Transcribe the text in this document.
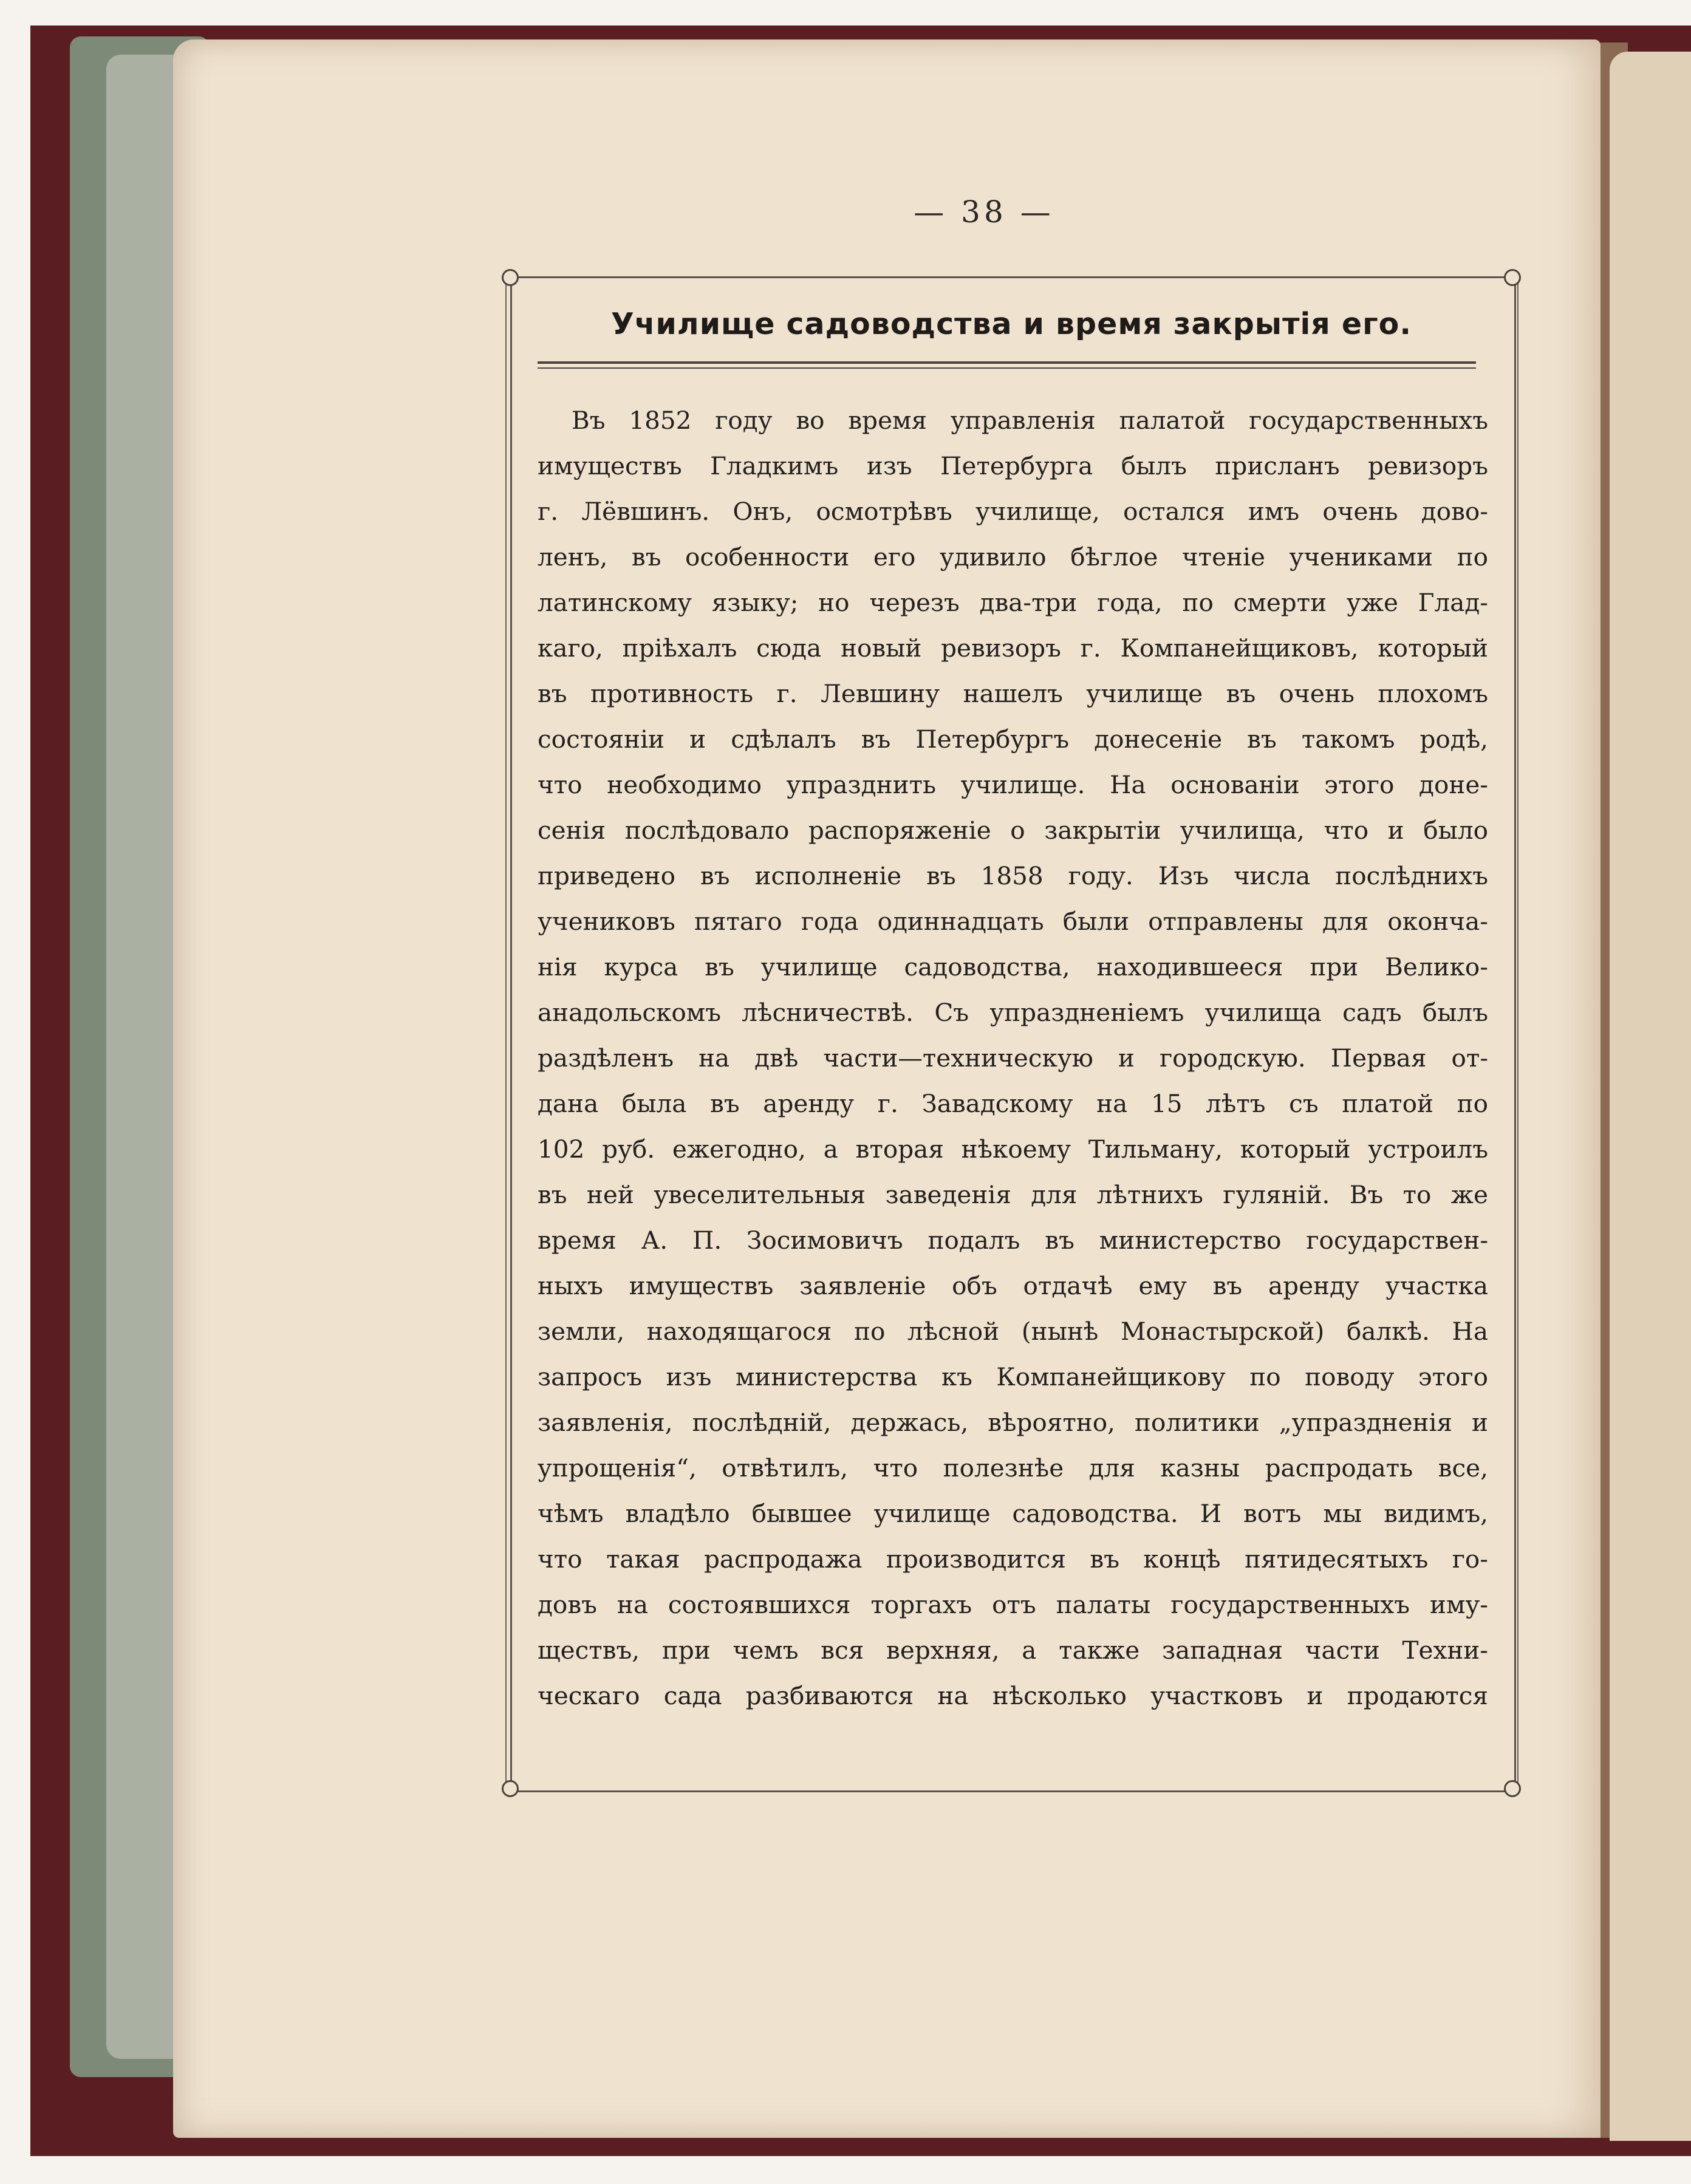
— 38 —
Училище садоводства и время закрытія его.
Въ 1852 году во время управленія палатой государственныхъ
имуществъ Гладкимъ изъ Петербурга былъ присланъ ревизоръ
г. Лёвшинъ. Онъ, осмотрѣвъ училище, остался имъ очень дово-
ленъ, въ особенности его удивило бѣглое чтеніе учениками по
латинскому языку; но черезъ два-три года, по смерти уже Глад-
каго, пріѣхалъ сюда новый ревизоръ г. Компанейщиковъ, который
въ противность г. Левшину нашелъ училище въ очень плохомъ
состояніи и сдѣлалъ въ Петербургъ донесеніе въ такомъ родѣ,
что необходимо упразднить училище. На основаніи этого доне-
сенія послѣдовало распоряженіе о закрытіи училища, что и было
приведено въ исполненіе въ 1858 году. Изъ числа послѣднихъ
учениковъ пятаго года одиннадцать были отправлены для оконча-
нія курса въ училище садоводства, находившееся при Велико-
анадольскомъ лѣсничествѣ. Съ упраздненіемъ училища садъ былъ
раздѣленъ на двѣ части—техническую и городскую. Первая от-
дана была въ аренду г. Завадскому на 15 лѣтъ съ платой по
102 руб. ежегодно, а вторая нѣкоему Тильману, который устроилъ
въ ней увеселительныя заведенія для лѣтнихъ гуляній. Въ то же
время А. П. Зосимовичъ подалъ въ министерство государствен-
ныхъ имуществъ заявленіе объ отдачѣ ему въ аренду участка
земли, находящагося по лѣсной (нынѣ Монастырской) балкѣ. На
запросъ изъ министерства къ Компанейщикову по поводу этого
заявленія, послѣдній, держась, вѣроятно, политики „упраздненія и
упрощенія“, отвѣтилъ, что полезнѣе для казны распродать все,
чѣмъ владѣло бывшее училище садоводства. И вотъ мы видимъ,
что такая распродажа производится въ концѣ пятидесятыхъ го-
довъ на состоявшихся торгахъ отъ палаты государственныхъ иму-
ществъ, при чемъ вся верхняя, а также западная части Техни-
ческаго сада разбиваются на нѣсколько участковъ и продаются
